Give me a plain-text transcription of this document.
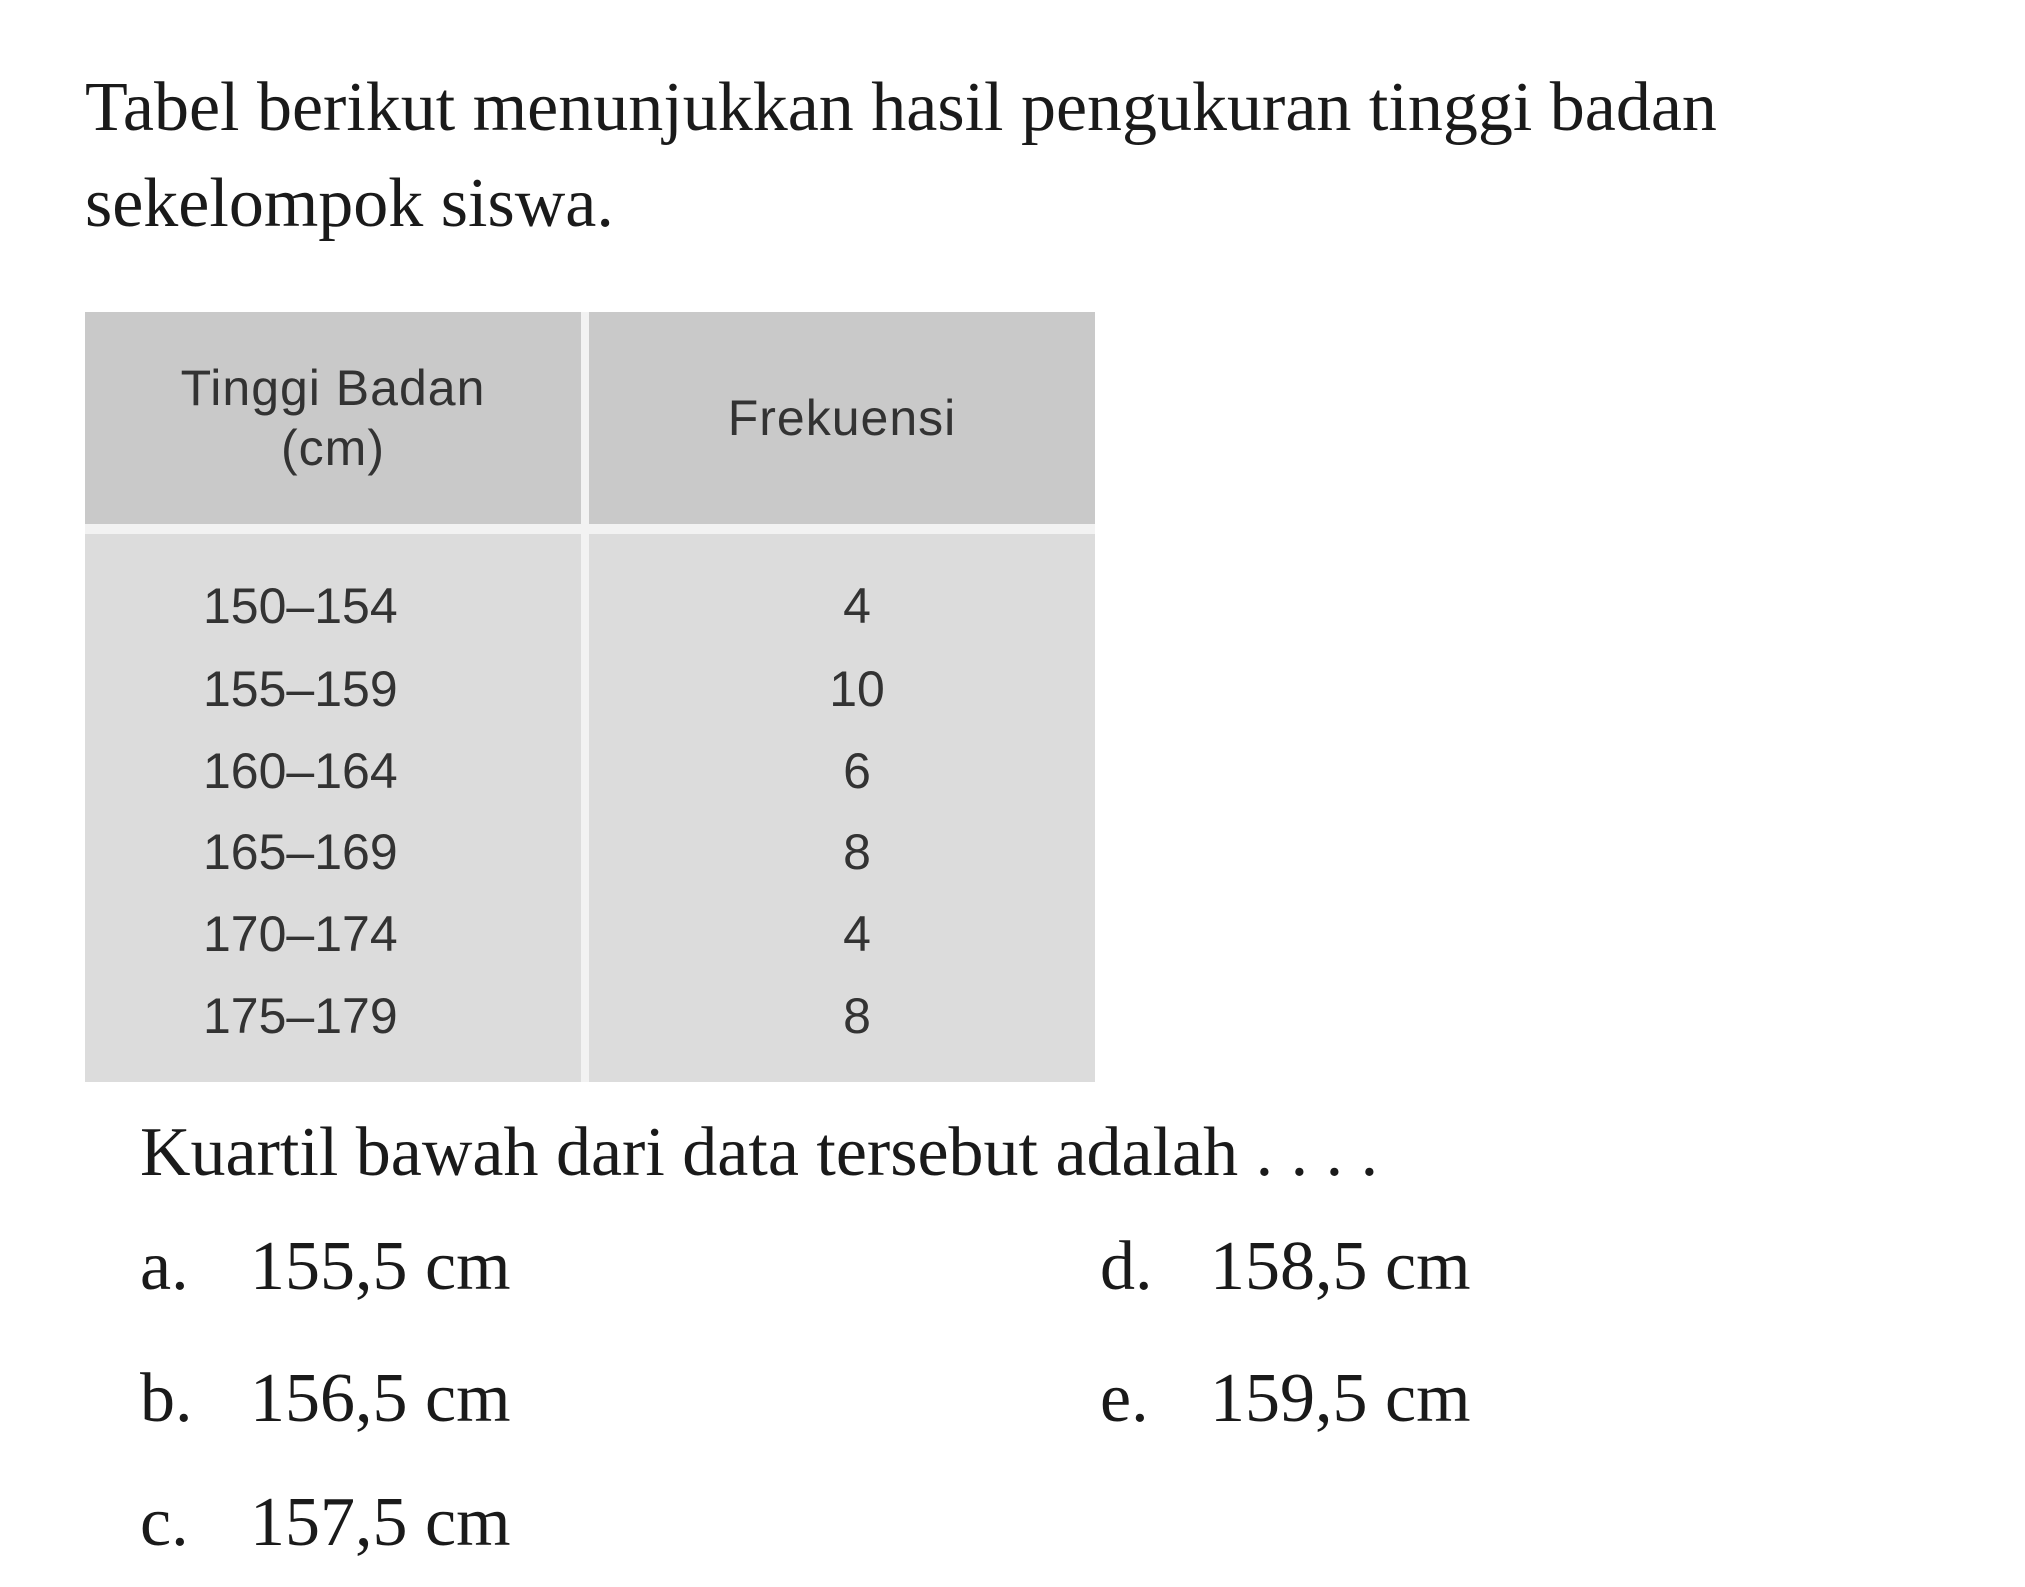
Tabel berikut menunjukkan hasil pengukuran tinggi badan sekelompok siswa.

Tinggi Badan
(cm)	Frekuensi
150–154	4
155–159	10
160–164	6
165–169	8
170–174	4
175–179	8

Kuartil bawah dari data tersebut adalah . . . .

a. 155,5 cm
b. 156,5 cm
c. 157,5 cm
d. 158,5 cm
e. 159,5 cm
